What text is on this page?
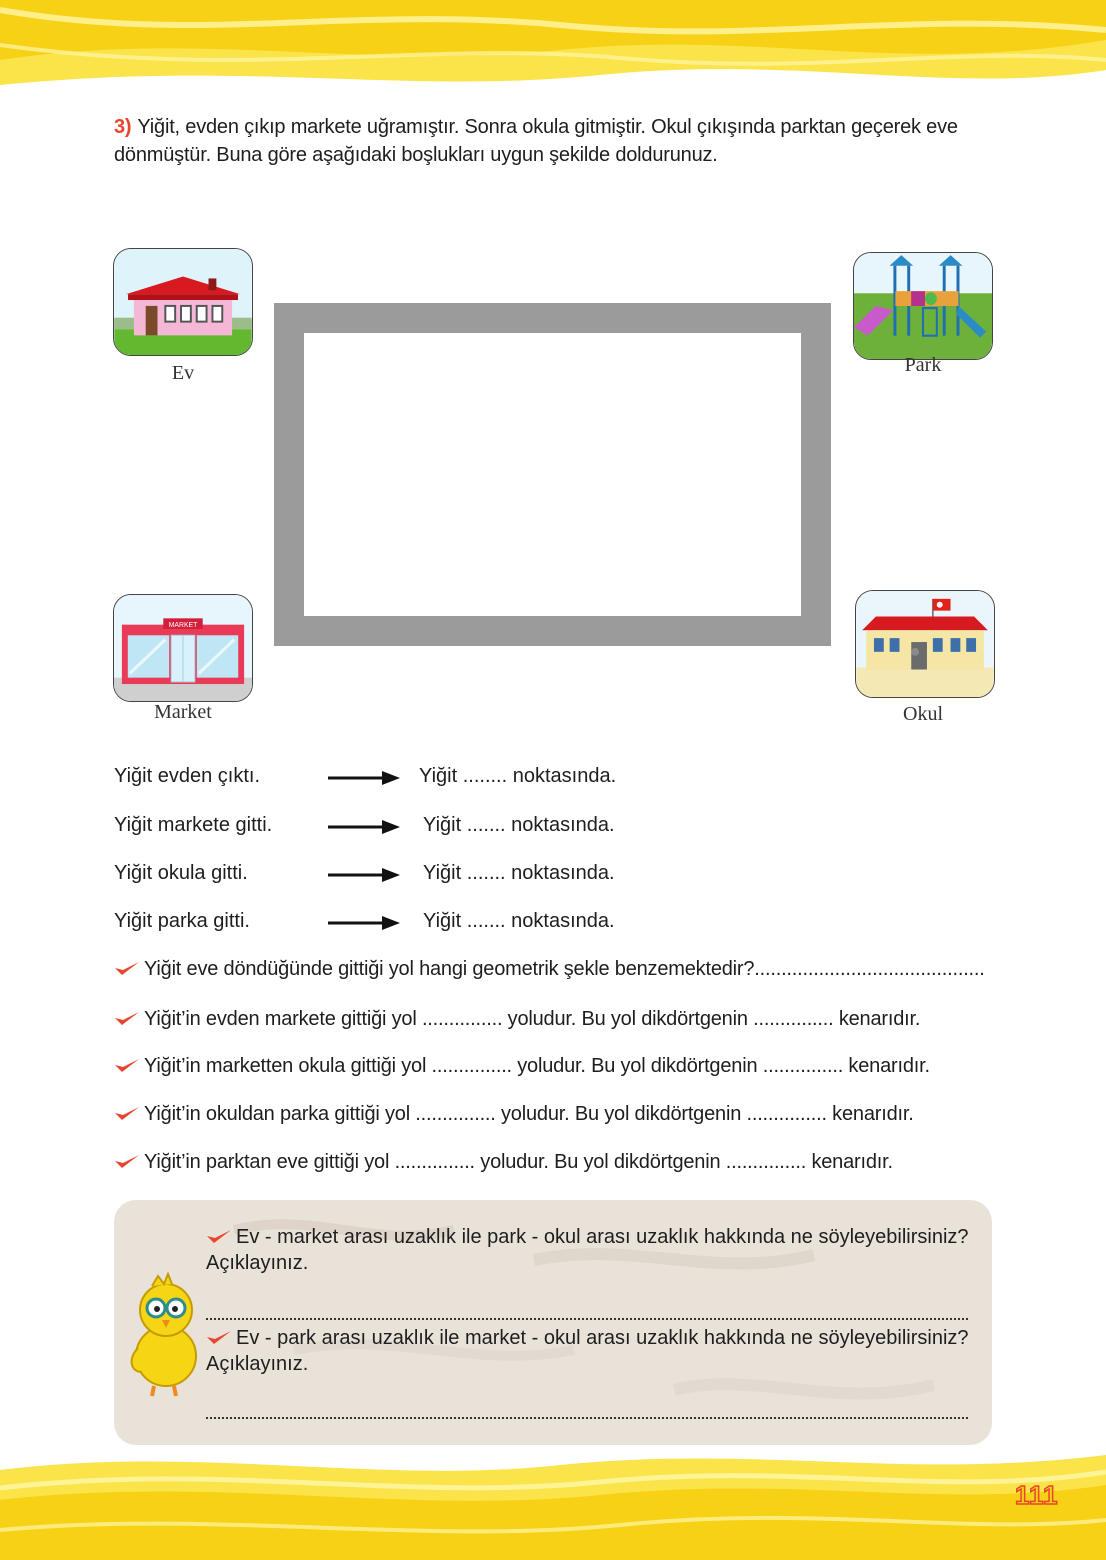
3) Yiğit, evden çıkıp markete uğramıştır. Sonra okula gitmiştir. Okul çıkışında parktan geçerek eve dönmüştür. Buna göre aşağıdaki boşlukları uygun şekilde doldurunuz.
Ev	Park
MARKET
Market	Okul
Yiğit evden çıktı.	Yiğit ........ noktasında.
Yiğit markete gitti.	Yiğit ....... noktasında.
Yiğit okula gitti.	Yiğit ....... noktasında.
Yiğit parka gitti.	Yiğit ....... noktasında.
Yiğit eve döndüğünde gittiği yol hangi geometrik şekle benzemektedir?...........................................
Yiğit’in evden markete gittiği yol ............... yoludur. Bu yol dikdörtgenin ............... kenarıdır.
Yiğit’in marketten okula gittiği yol ............... yoludur. Bu yol dikdörtgenin ............... kenarıdır.
Yiğit’in okuldan parka gittiği yol ............... yoludur. Bu yol dikdörtgenin ............... kenarıdır.
Yiğit’in parktan eve gittiği yol ............... yoludur. Bu yol dikdörtgenin ............... kenarıdır.
Ev - market arası uzaklık ile park - okul arası uzaklık hakkında ne söyleyebilirsiniz? Açıklayınız.
Ev - park arası uzaklık ile market - okul arası uzaklık hakkında ne söyleyebilirsiniz? Açıklayınız.
111
